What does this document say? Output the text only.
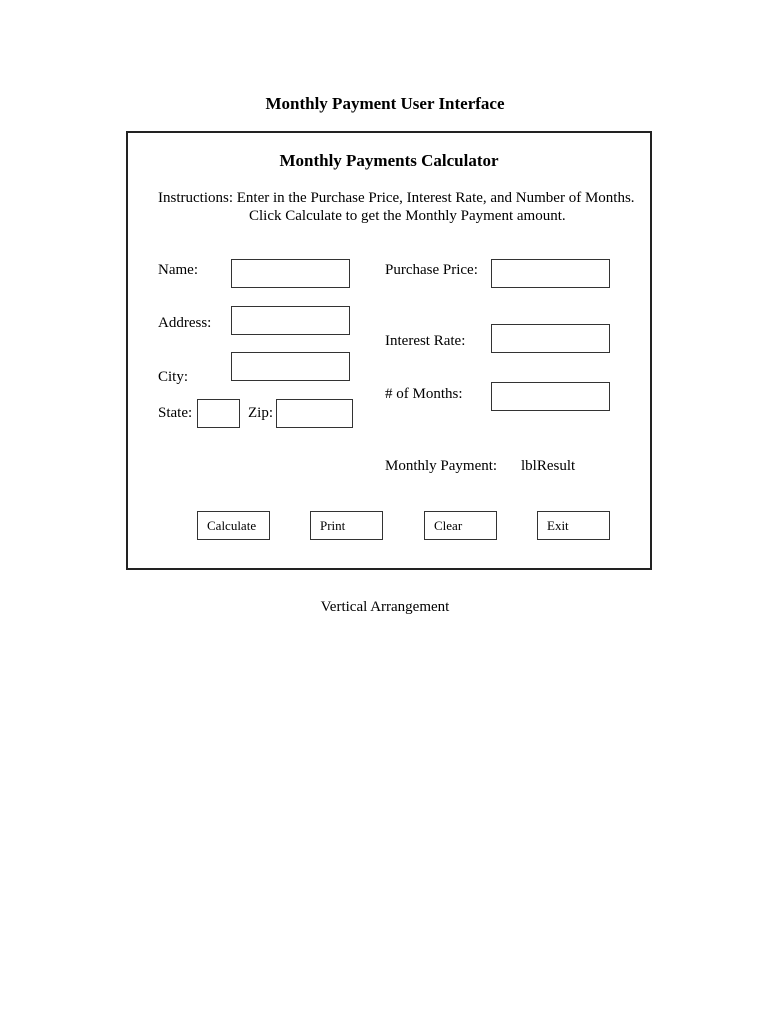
Monthly Payment User Interface
Monthly Payments Calculator
Instructions: Enter in the Purchase Price, Interest Rate, and Number of Months.
Click Calculate to get the Monthly Payment amount.
Name:
Address:
City:
State:	Zip:
Purchase Price:
Interest Rate:
# of Months:
Monthly Payment: lblResult
Calculate	Print	Clear	Exit
Vertical Arrangement
